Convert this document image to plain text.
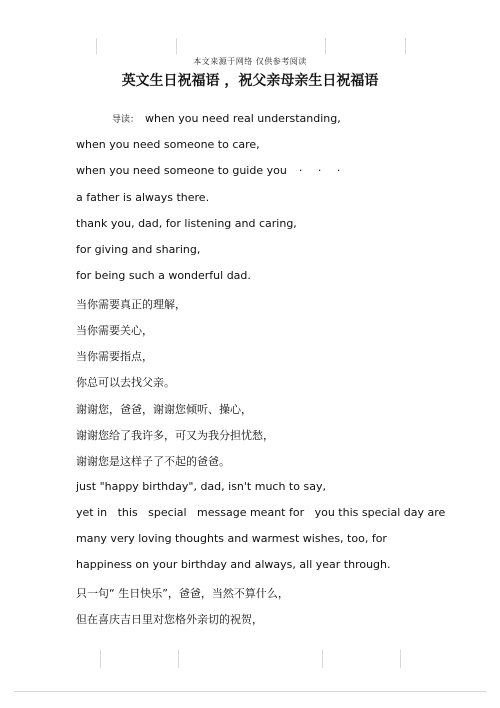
本文来源于网络 仅供参考阅读
英文生日祝福语 ，祝父亲母亲生日祝福语
导读： when you need real understanding,
when you need someone to care,
when you need someone to guide you · · ·
a father is always there.
thank you, dad, for listening and caring,
for giving and sharing,
for being such a wonderful dad.
当你需要真正的理解，
当你需要关心，
当你需要指点，
你总可以去找父亲。
谢谢您，爸爸，谢谢您倾听、操心，
谢谢您给了我许多，可又为我分担忧愁，
谢谢您是这样子了不起的爸爸。
just "happy birthday", dad, isn't much to say,
yet in   this   special   message meant for   you this special day are
many very loving thoughts and warmest wishes, too, for
happiness on your birthday and always, all year through.
只一句“ 生日快乐”，爸爸，当然不算什么，
但在喜庆吉日里对您格外亲切的祝贺，
